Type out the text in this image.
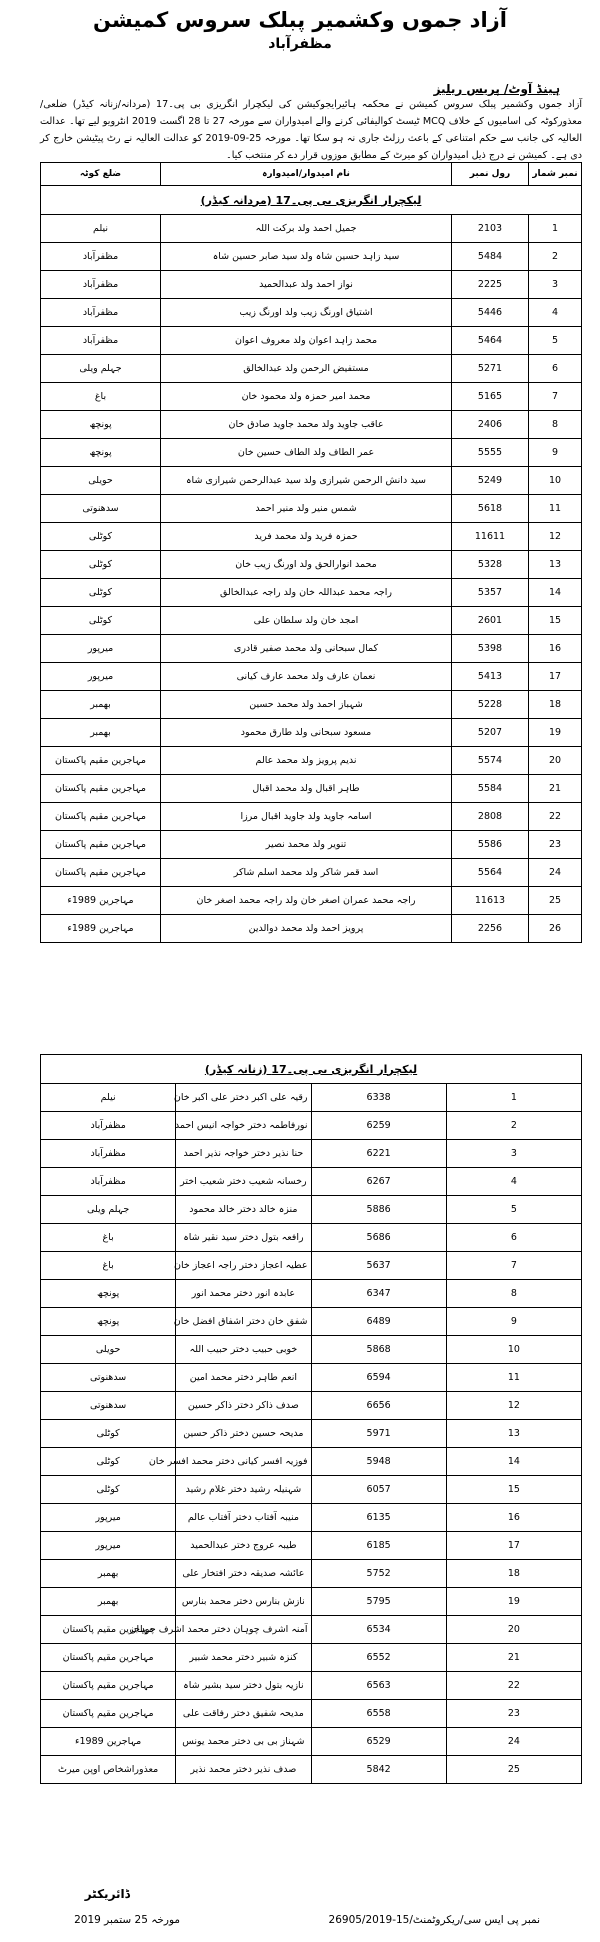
آزاد جموں وکشمیر پبلک سروس کمیشن
مظفرآباد
ہینڈ آوٹ/ پریس ریلیز
آزاد جموں وکشمیر پبلک سروس کمیشن نے محکمہ ہائیرایجوکیشن کی لیکچرار انگریزی بی پی۔17 (مردانہ/زنانہ کیڈر) ضلعی/معذورکوٹہ کی اسامیوں کے خلاف MCQ ٹیسٹ کوالیفائی کرنے والے امیدواران سے مورخہ 27 تا 28 اگست 2019 انٹرویو لیے تھا۔ عدالت العالیہ کی جانب سے حکم امتناعی کے باعث رزلٹ جاری نہ ہو سکا تھا۔ مورخہ 25-09-2019 کو عدالت العالیہ نے رٹ پیٹیشن خارج کر دی ہے۔ کمیشن نے درج ذیل امیدواران کو میرٹ کے مطابق موزوں قرار دے کر منتخب کیا۔
نمبر شمار	رول نمبر	نام امیدوار/امیدوارہ	ضلع کوٹہ
لیکچرار انگریزی بی پی۔17 (مردانہ کیڈر)			
1	2103	جمیل احمد ولد برکت اللہ	نیلم
2	5484	سید زاہد حسین شاہ ولد سید صابر حسین شاہ	مظفرآباد
3	2225	نواز احمد ولد عبدالحمید	مظفرآباد
4	5446	اشتیاق اورنگ زیب ولد اورنگ زیب	مظفرآباد
5	5464	محمد زاہد اعوان ولد معروف اعوان	مظفرآباد
6	5271	مستفیض الرحمن ولد عبدالخالق	جہلم ویلی
7	5165	محمد امیر حمزہ ولد محمود خان	باغ
8	2406	عاقب جاوید ولد محمد جاوید صادق خان	پونچھ
9	5555	عمر الطاف ولد الطاف حسین خان	پونچھ
10	5249	سید دانش الرحمن شیرازی ولد سید عبدالرحمن شیرازی شاہ	حویلی
11	5618	شمس منیر ولد منیر احمد	سدھنوتی
12	11611	حمزہ فرید ولد محمد فرید	کوٹلی
13	5328	محمد انوارالحق ولد اورنگ زیب خان	کوٹلی
14	5357	راجہ محمد عبداللہ خان ولد راجہ عبدالخالق	کوٹلی
15	2601	امجد خان ولد سلطان علی	کوٹلی
16	5398	کمال سبحانی ولد محمد صفیر قادری	میرپور
17	5413	نعمان عارف ولد محمد عارف کیانی	میرپور
18	5228	شہباز احمد ولد محمد حسین	بھمبر
19	5207	مسعود سبحانی ولد طارق محمود	بھمبر
20	5574	ندیم پرویز ولد محمد عالم	مہاجرین مقیم پاکستان
21	5584	طاہر اقبال ولد محمد اقبال	مہاجرین مقیم پاکستان
22	2808	اسامہ جاوید ولد جاوید اقبال مرزا	مہاجرین مقیم پاکستان
23	5586	تنویر ولد محمد نصیر	مہاجرین مقیم پاکستان
24	5564	اسد قمر شاکر ولد محمد اسلم شاکر	مہاجرین مقیم پاکستان
25	11613	راجہ محمد عمران اصغر خان ولد راجہ محمد اصغر خان	مہاجرین 1989ء
26	2256	پرویز احمد ولد محمد دوالدین	مہاجرین 1989ء
لیکچرار انگریزی بی پی۔17 (زنانہ کیڈر)			
1	6338	رقیہ علی اکبر دختر علی اکبر خان	نیلم
2	6259	نورفاطمہ دختر خواجہ انیس احمد	مظفرآباد
3	6221	حنا نذیر دختر خواجہ نذیر احمد	مظفرآباد
4	6267	رخسانہ شعیب دختر شعیب اختر	مظفرآباد
5	5886	منزہ خالد دختر خالد محمود	جہلم ویلی
6	5686	رافعہ بتول دختر سید نقیر شاہ	باغ
7	5637	عطیہ اعجاز دختر راجہ اعجاز خان	باغ
8	6347	عابدہ انور دختر محمد انور	پونچھ
9	6489	شفق خان دختر اشفاق افضل خان	پونچھ
10	5868	خوبی حبیب دختر حبیب اللہ	حویلی
11	6594	انعم طاہر دختر محمد امین	سدھنوتی
12	6656	صدف ذاکر دختر ذاکر حسین	سدھنوتی
13	5971	مدیحہ حسین دختر ذاکر حسین	کوٹلی
14	5948	فوزیہ افسر کیانی دختر محمد افسر خان	کوٹلی
15	6057	شہنیلہ رشید دختر غلام رشید	کوٹلی
16	6135	منیبہ آفتاب دختر آفتاب عالم	میرپور
17	6185	طیبہ عروج دختر عبدالحمید	میرپور
18	5752	عائشہ صدیقہ دختر افتخار علی	بھمبر
19	5795	نازش بنارس دختر محمد بنارس	بھمبر
20	6534	آمنہ اشرف چوہان دختر محمد اشرف چوہان	مہاجرین مقیم پاکستان
21	6552	کنزہ شبیر دختر محمد شبیر	مہاجرین مقیم پاکستان
22	6563	نازیہ بتول دختر سید بشیر شاہ	مہاجرین مقیم پاکستان
23	6558	مدیحہ شفیق دختر رفاقت علی	مہاجرین مقیم پاکستان
24	6529	شہناز بی بی دختر محمد یونس	مہاجرین 1989ء
25	5842	صدف نذیر دختر محمد نذیر	معذوراشخاص اوپن میرٹ
ڈائریکٹر
نمبر پی ایس سی/ریکروٹمنٹ/15-26905/2019
مورخہ 25 ستمبر 2019
